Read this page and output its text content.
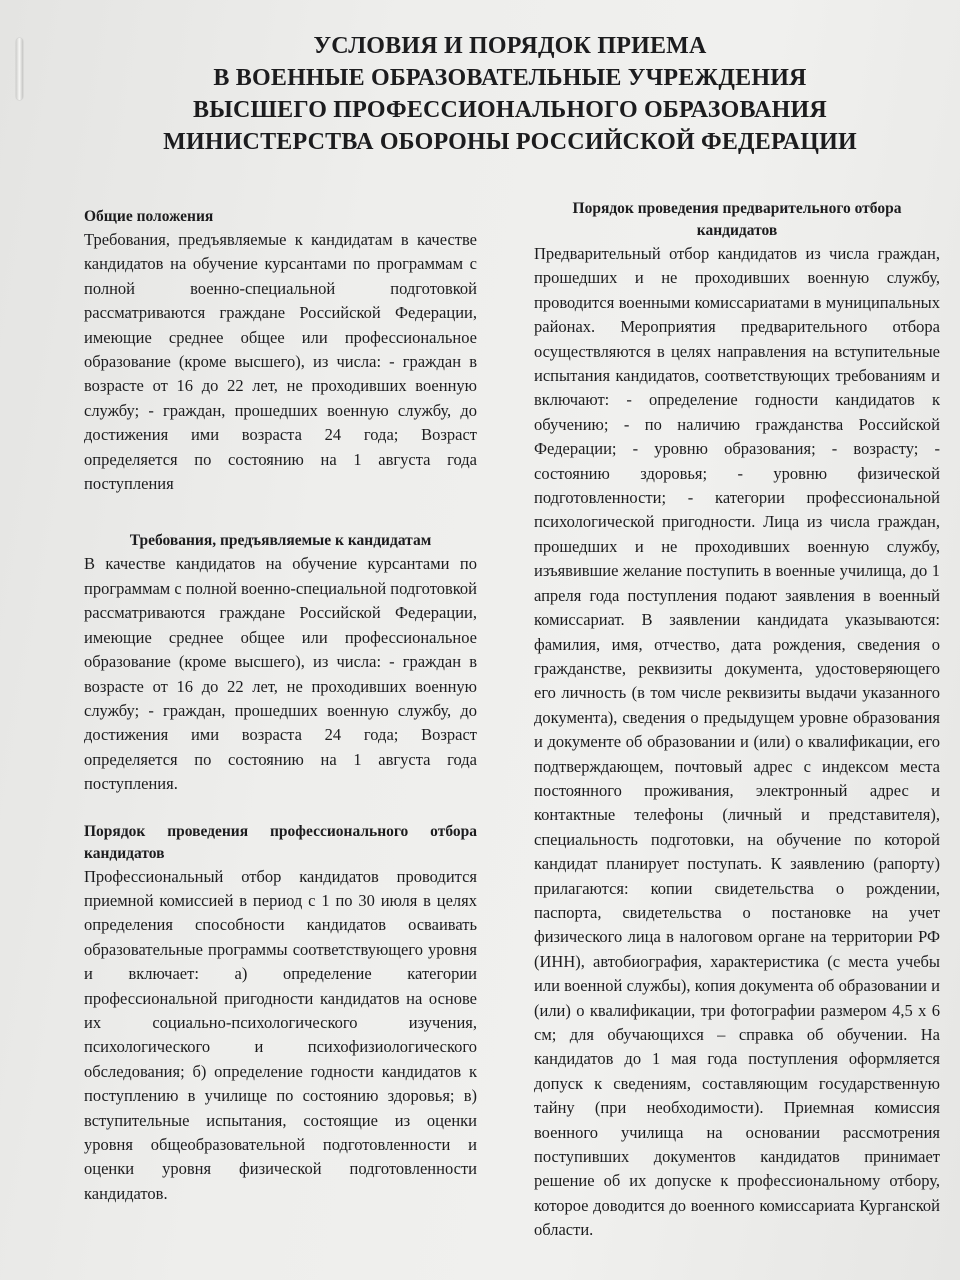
УСЛОВИЯ И ПОРЯДОК ПРИЕМА
В ВОЕННЫЕ ОБРАЗОВАТЕЛЬНЫЕ УЧРЕЖДЕНИЯ
ВЫСШЕГО ПРОФЕССИОНАЛЬНОГО ОБРАЗОВАНИЯ
МИНИСТЕРСТВА ОБОРОНЫ РОССИЙСКОЙ ФЕДЕРАЦИИ
Общие положения
Требования, предъявляемые к кандидатам в качестве кандидатов на обучение курсантами по программам с полной военно-специальной подготовкой рассматриваются граждане Российской Федерации, имеющие среднее общее или профессиональное образование (кроме высшего), из числа: - граждан в возрасте от 16 до 22 лет, не проходивших военную службу; - граждан, прошедших военную службу, до достижения ими возраста 24 года; Возраст определяется по состоянию на 1 августа года поступления
Требования, предъявляемые к кандидатам
В качестве кандидатов на обучение курсантами по программам с полной военно-специальной подготовкой рассматриваются граждане Российской Федерации, имеющие среднее общее или профессиональное образование (кроме высшего), из числа: - граждан в возрасте от 16 до 22 лет, не проходивших военную службу; - граждан, прошедших военную службу, до достижения ими возраста 24 года; Возраст определяется по состоянию на 1 августа года поступления.
Порядок проведения профессионального отбора кандидатов
Профессиональный отбор кандидатов проводится приемной комиссией в период с 1 по 30 июля в целях определения способности кандидатов осваивать образовательные программы соответствующего уровня и включает: а) определение категории профессиональной пригодности кандидатов на основе их социально-психологического изучения, психологического и психофизиологического обследования; б) определение годности кандидатов к поступлению в училище по состоянию здоровья; в) вступительные испытания, состоящие из оценки уровня общеобразовательной подготовленности и оценки уровня физической подготовленности кандидатов.
Порядок проведения предварительного отбора кандидатов
Предварительный отбор кандидатов из числа граждан, прошедших и не проходивших военную службу, проводится военными комиссариатами в муниципальных районах. Мероприятия предварительного отбора осуществляются в целях направления на вступительные испытания кандидатов, соответствующих требованиям и включают: - определение годности кандидатов к обучению; - по наличию гражданства Российской Федерации; - уровню образования; - возрасту; - состоянию здоровья; - уровню физической подготовленности; - категории профессиональной психологической пригодности. Лица из числа граждан, прошедших и не проходивших военную службу, изъявившие желание поступить в военные училища, до 1 апреля года поступления подают заявления в военный комиссариат. В заявлении кандидата указываются: фамилия, имя, отчество, дата рождения, сведения о гражданстве, реквизиты документа, удостоверяющего его личность (в том числе реквизиты выдачи указанного документа), сведения о предыдущем уровне образования и документе об образовании и (или) о квалификации, его подтверждающем, почтовый адрес с индексом места постоянного проживания, электронный адрес и контактные телефоны (личный и представителя), специальность подготовки, на обучение по которой кандидат планирует поступать. К заявлению (рапорту) прилагаются: копии свидетельства о рождении, паспорта, свидетельства о постановке на учет физического лица в налоговом органе на территории РФ (ИНН), автобиография, характеристика (с места учебы или военной службы), копия документа об образовании и (или) о квалификации, три фотографии размером 4,5 х 6 см; для обучающихся – справка об обучении. На кандидатов до 1 мая года поступления оформляется допуск к сведениям, составляющим государственную тайну (при необходимости). Приемная комиссия военного училища на основании рассмотрения поступивших документов кандидатов принимает решение об их допуске к профессиональному отбору, которое доводится до военного комиссариата Курганской области.
